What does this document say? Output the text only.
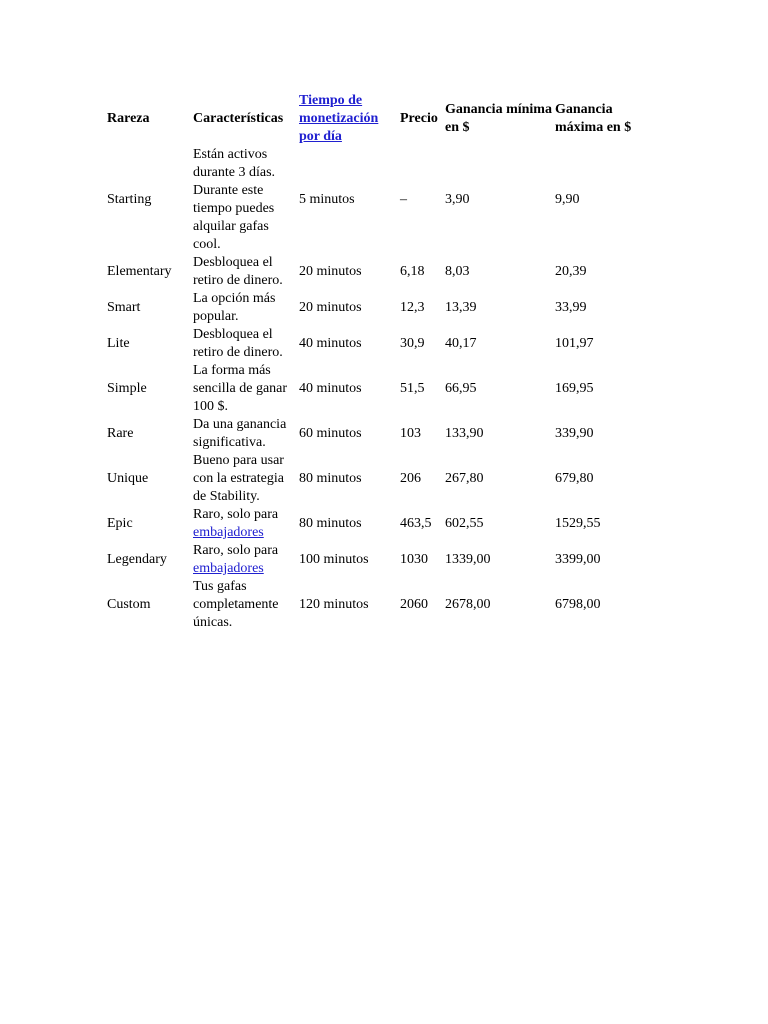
Rareza	Características	Tiempo de monetización por día	Precio	Ganancia mínima en $	Ganancia máxima en $
Starting	Están activos durante 3 días. Durante este tiempo puedes alquilar gafas cool.	5 minutos	–	3,90	9,90
Elementary	Desbloquea el retiro de dinero.	20 minutos	6,18	8,03	20,39
Smart	La opción más popular.	20 minutos	12,3	13,39	33,99
Lite	Desbloquea el retiro de dinero.	40 minutos	30,9	40,17	101,97
Simple	La forma más sencilla de ganar 100 $.	40 minutos	51,5	66,95	169,95
Rare	Da una ganancia significativa.	60 minutos	103	133,90	339,90
Unique	Bueno para usar con la estrategia de Stability.	80 minutos	206	267,80	679,80
Epic	Raro, solo para embajadores	80 minutos	463,5	602,55	1529,55
Legendary	Raro, solo para embajadores	100 minutos	1030	1339,00	3399,00
Custom	Tus gafas completamente únicas.	120 minutos	2060	2678,00	6798,00
